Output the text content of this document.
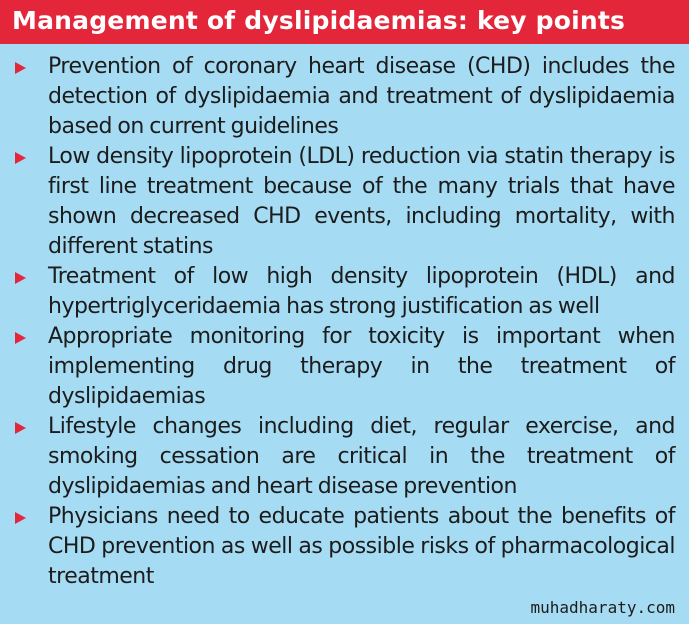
Management of dyslipidaemias: key points
Prevention of coronary heart disease (CHD) includes the detection of dyslipidaemia and treatment of dyslipidaemia based on current guidelines
Low density lipoprotein (LDL) reduction via statin therapy is first line treatment because of the many trials that have shown decreased CHD events, including mortality, with different statins
Treatment of low high density lipoprotein (HDL) and hypertriglyceridaemia has strong justification as well
Appropriate monitoring for toxicity is important when implementing drug therapy in the treatment of dyslipidaemias
Lifestyle changes including diet, regular exercise, and smoking cessation are critical in the treatment of dyslipidaemias and heart disease prevention
Physicians need to educate patients about the benefits of CHD prevention as well as possible risks of pharmacological treatment
muhadharaty.com
